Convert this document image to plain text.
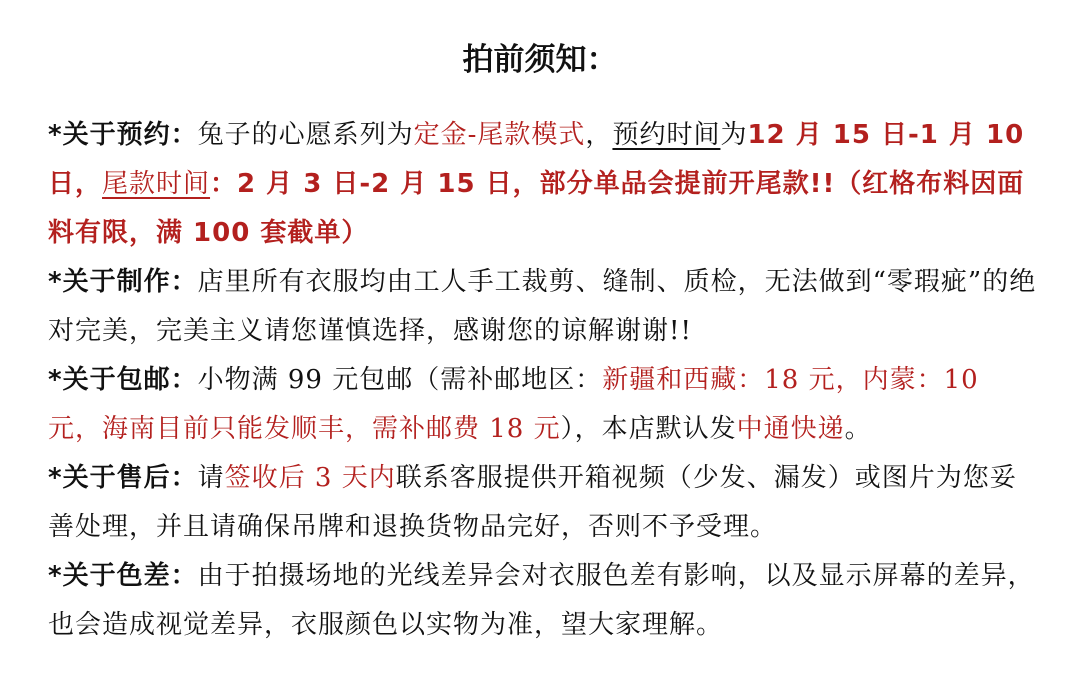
拍前须知：

*关于预约：兔子的心愿系列为定金-尾款模式，预约时间为12 月 15 日-1 月 10 日，尾款时间：2 月 3 日-2 月 15 日，部分单品会提前开尾款!!（红格布料因面料有限，满 100 套截单）

*关于制作：店里所有衣服均由工人手工裁剪、缝制、质检，无法做到“零瑕疵”的绝对完美，完美主义请您谨慎选择，感谢您的谅解谢谢!!

*关于包邮：小物满 99 元包邮（需补邮地区：新疆和西藏：18 元，内蒙：10 元，海南目前只能发顺丰，需补邮费 18 元），本店默认发中通快递。

*关于售后：请签收后 3 天内联系客服提供开箱视频（少发、漏发）或图片为您妥善处理，并且请确保吊牌和退换货物品完好，否则不予受理。

*关于色差：由于拍摄场地的光线差异会对衣服色差有影响，以及显示屏幕的差异，也会造成视觉差异，衣服颜色以实物为准，望大家理解。
